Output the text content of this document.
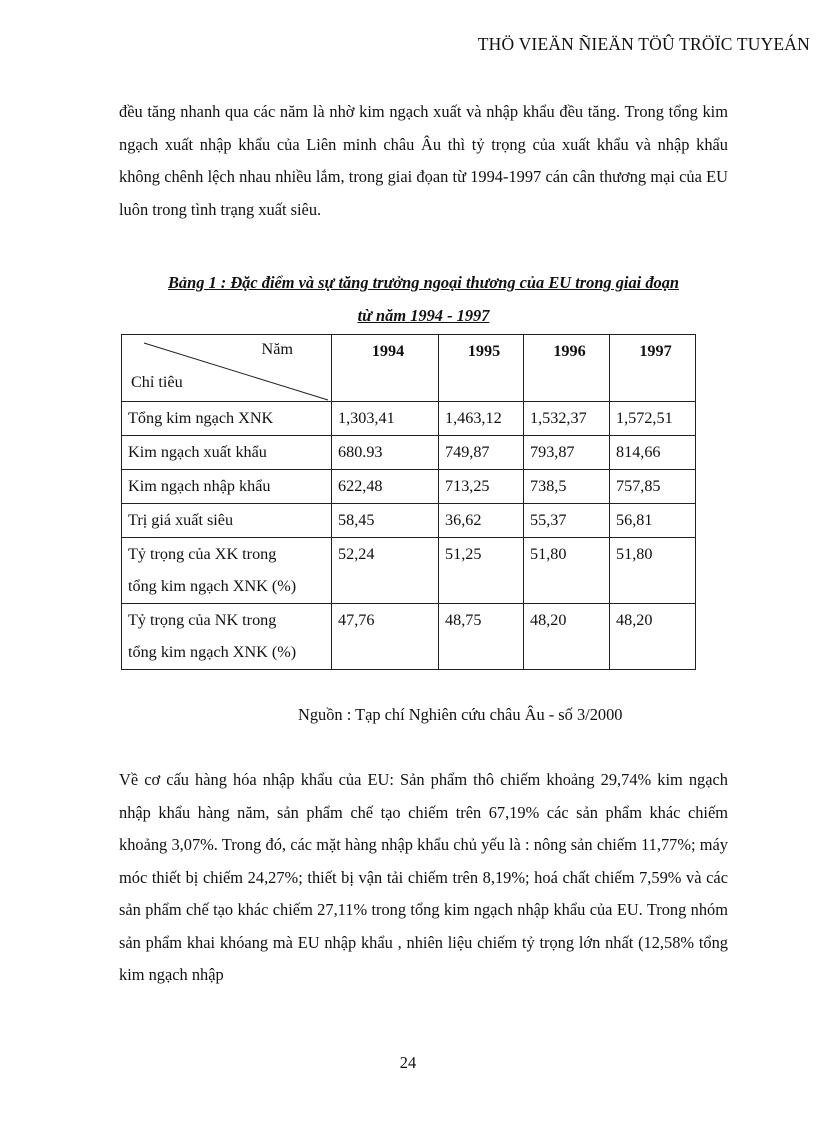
THÖ VIEÄN ÑIEÄN TÖÛ TRÖÏC TUYEÁN

đều tăng nhanh qua các năm là nhờ kim ngạch xuất và nhập khẩu đều tăng. Trong tổng kim ngạch xuất nhập khẩu của Liên minh châu Âu thì tỷ trọng của xuất khẩu và nhập khẩu không chênh lệch nhau nhiều lắm, trong giai đọan từ 1994-1997 cán cân thương mại của EU luôn trong tình trạng xuất siêu.

Bảng 1 : Đặc điểm và sự tăng trưởng ngoại thương của EU trong giai đoạn
từ năm 1994 - 1997
Năm
Chỉ tiêu	1994	1995	1996	1997
Tổng kim ngạch XNK	1,303,41	1,463,12	1,532,37	1,572,51
Kim ngạch xuất khẩu	680.93	749,87	793,87	814,66
Kim ngạch nhập khẩu	622,48	713,25	738,5	757,85
Trị giá xuất siêu	58,45	36,62	55,37	56,81

Tỷ trọng của XK trong
tổng kim ngạch XNK (%)	52,24	51,25	51,80	51,80

Tỷ trọng của NK trong
tổng kim ngạch XNK (%)	47,76	48,75	48,20	48,20
Nguồn : Tạp chí Nghiên cứu châu Âu - số 3/2000

Về cơ cấu hàng hóa nhập khẩu của EU: Sản phẩm thô chiếm khoảng 29,74% kim ngạch nhập khẩu hàng năm, sản phẩm chế tạo chiếm trên 67,19% các sản phẩm khác chiếm khoảng 3,07%. Trong đó, các mặt hàng nhập khẩu chủ yếu là : nông sản chiếm 11,77%; máy móc thiết bị chiếm 24,27%; thiết bị vận tải chiếm trên 8,19%; hoá chất chiếm 7,59% và các sản phẩm chế tạo khác chiếm 27,11% trong tổng kim ngạch nhập khẩu của EU. Trong nhóm sản phẩm khai khóang mà EU nhập khẩu , nhiên liệu chiếm tỷ trọng lớn nhất (12,58% tổng kim ngạch nhập

24
